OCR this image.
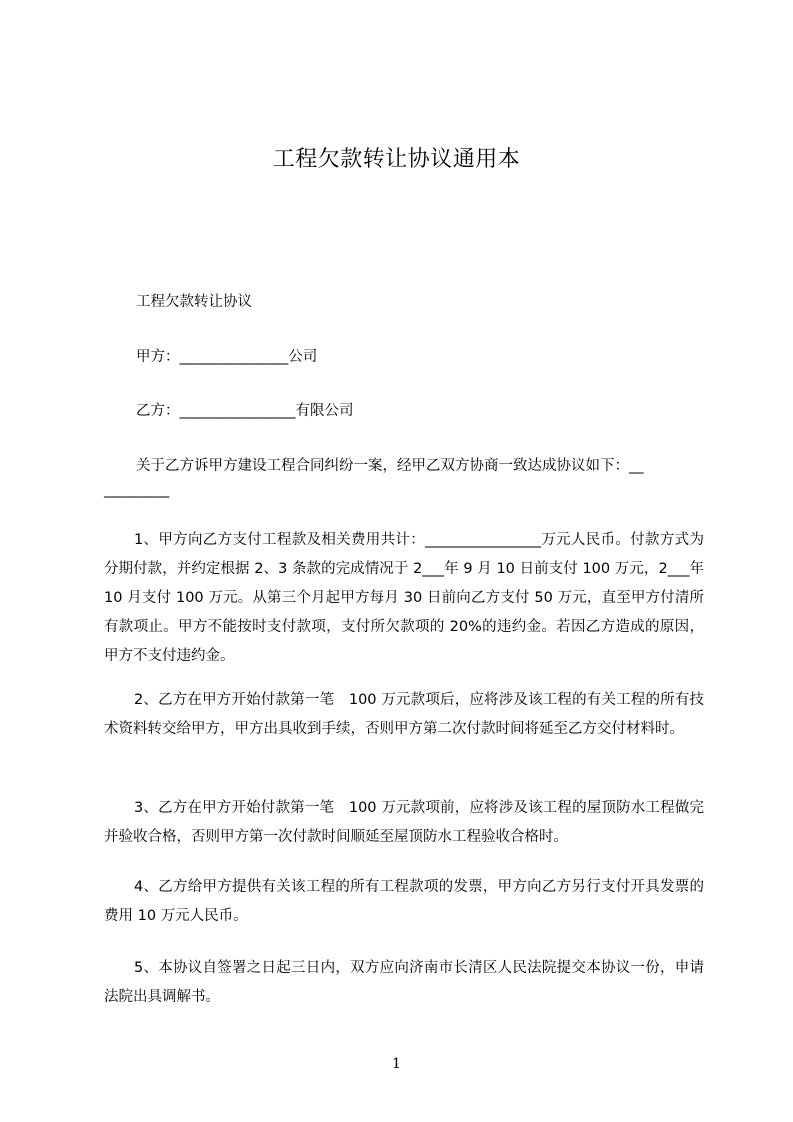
工程欠款转让协议通用本
工程欠款转让协议
甲方：_______________公司
乙方：________________有限公司
关于乙方诉甲方建设工程合同纠纷一案，经甲乙双方协商一致达成协议如下：__
_________
1、甲方向乙方支付工程款及相关费用共计：________________万元人民币。付款方式为分期付款，并约定根据 2、3 条款的完成情况于 2___年 9 月 10 日前支付 100 万元，2___年 10 月支付 100 万元。从第三个月起甲方每月 30 日前向乙方支付 50 万元，直至甲方付清所有款项止。甲方不能按时支付款项，支付所欠款项的 20%的违约金。若因乙方造成的原因，甲方不支付违约金。
2、乙方在甲方开始付款第一笔　100 万元款项后，应将涉及该工程的有关工程的所有技术资料转交给甲方，甲方出具收到手续，否则甲方第二次付款时间将延至乙方交付材料时。
3、乙方在甲方开始付款第一笔　100 万元款项前，应将涉及该工程的屋顶防水工程做完并验收合格，否则甲方第一次付款时间顺延至屋顶防水工程验收合格时。
4、乙方给甲方提供有关该工程的所有工程款项的发票，甲方向乙方另行支付开具发票的费用 10 万元人民币。
5、本协议自签署之日起三日内，双方应向济南市长清区人民法院提交本协议一份，申请法院出具调解书。
1
